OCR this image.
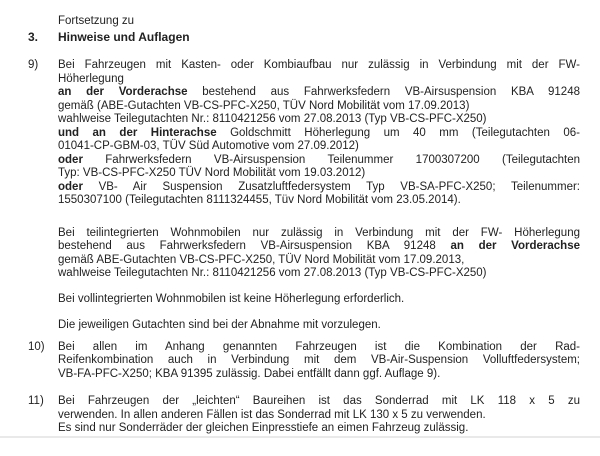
Fortsetzung zu
3.	Hinweise und Auflagen
9)	Bei Fahrzeugen mit Kasten- oder Kombiaufbau nur zulässig in Verbindung mit der FW-
Höherlegung
an der Vorderachse bestehend aus Fahrwerksfedern VB-Airsuspension KBA 91248
gemäß (ABE-Gutachten VB-CS-PFC-X250, TÜV Nord Mobilität vom 17.09.2013)
wahlweise Teilegutachten Nr.: 8110421256 vom 27.08.2013 (Typ VB-CS-PFC-X250)
und an der Hinterachse Goldschmitt Höherlegung um 40 mm (Teilegutachten 06-
01041-CP-GBM-03, TÜV Süd Automotive vom 27.09.2012)
oder Fahrwerksfedern VB-Airsuspension Teilenummer 1700307200 (Teilegutachten
Typ: VB-CS-PFC-X250 TÜV Nord Mobilität vom 19.03.2012)
oder VB- Air Suspension Zusatzluftfedersystem Typ VB-SA-PFC-X250; Teilenummer:
1550307100 (Teilegutachten 8111324455, Tüv Nord Mobilität vom 23.05.2014).
Bei teilintegrierten Wohnmobilen nur zulässig in Verbindung mit der FW- Höherlegung
bestehend aus Fahrwerksfedern VB-Airsuspension KBA 91248 an der Vorderachse
gemäß ABE-Gutachten VB-CS-PFC-X250, TÜV Nord Mobilität vom 17.09.2013,
wahlweise Teilegutachten Nr.: 8110421256 vom 27.08.2013 (Typ VB-CS-PFC-X250)
Bei vollintegrierten Wohnmobilen ist keine Höherlegung erforderlich.
Die jeweiligen Gutachten sind bei der Abnahme mit vorzulegen.
10)	Bei allen im Anhang genannten Fahrzeugen ist die Kombination der Rad-
Reifenkombination auch in Verbindung mit dem VB-Air-Suspension Volluftfedersystem;
VB-FA-PFC-X250; KBA 91395 zulässig. Dabei entfällt dann ggf. Auflage 9).
11)	Bei Fahrzeugen der „leichten“ Baureihen ist das Sonderrad mit LK 118 x 5 zu
verwenden. In allen anderen Fällen ist das Sonderrad mit LK 130 x 5 zu verwenden.
Es sind nur Sonderräder der gleichen Einpresstiefe an eimen Fahrzeug zulässig.
